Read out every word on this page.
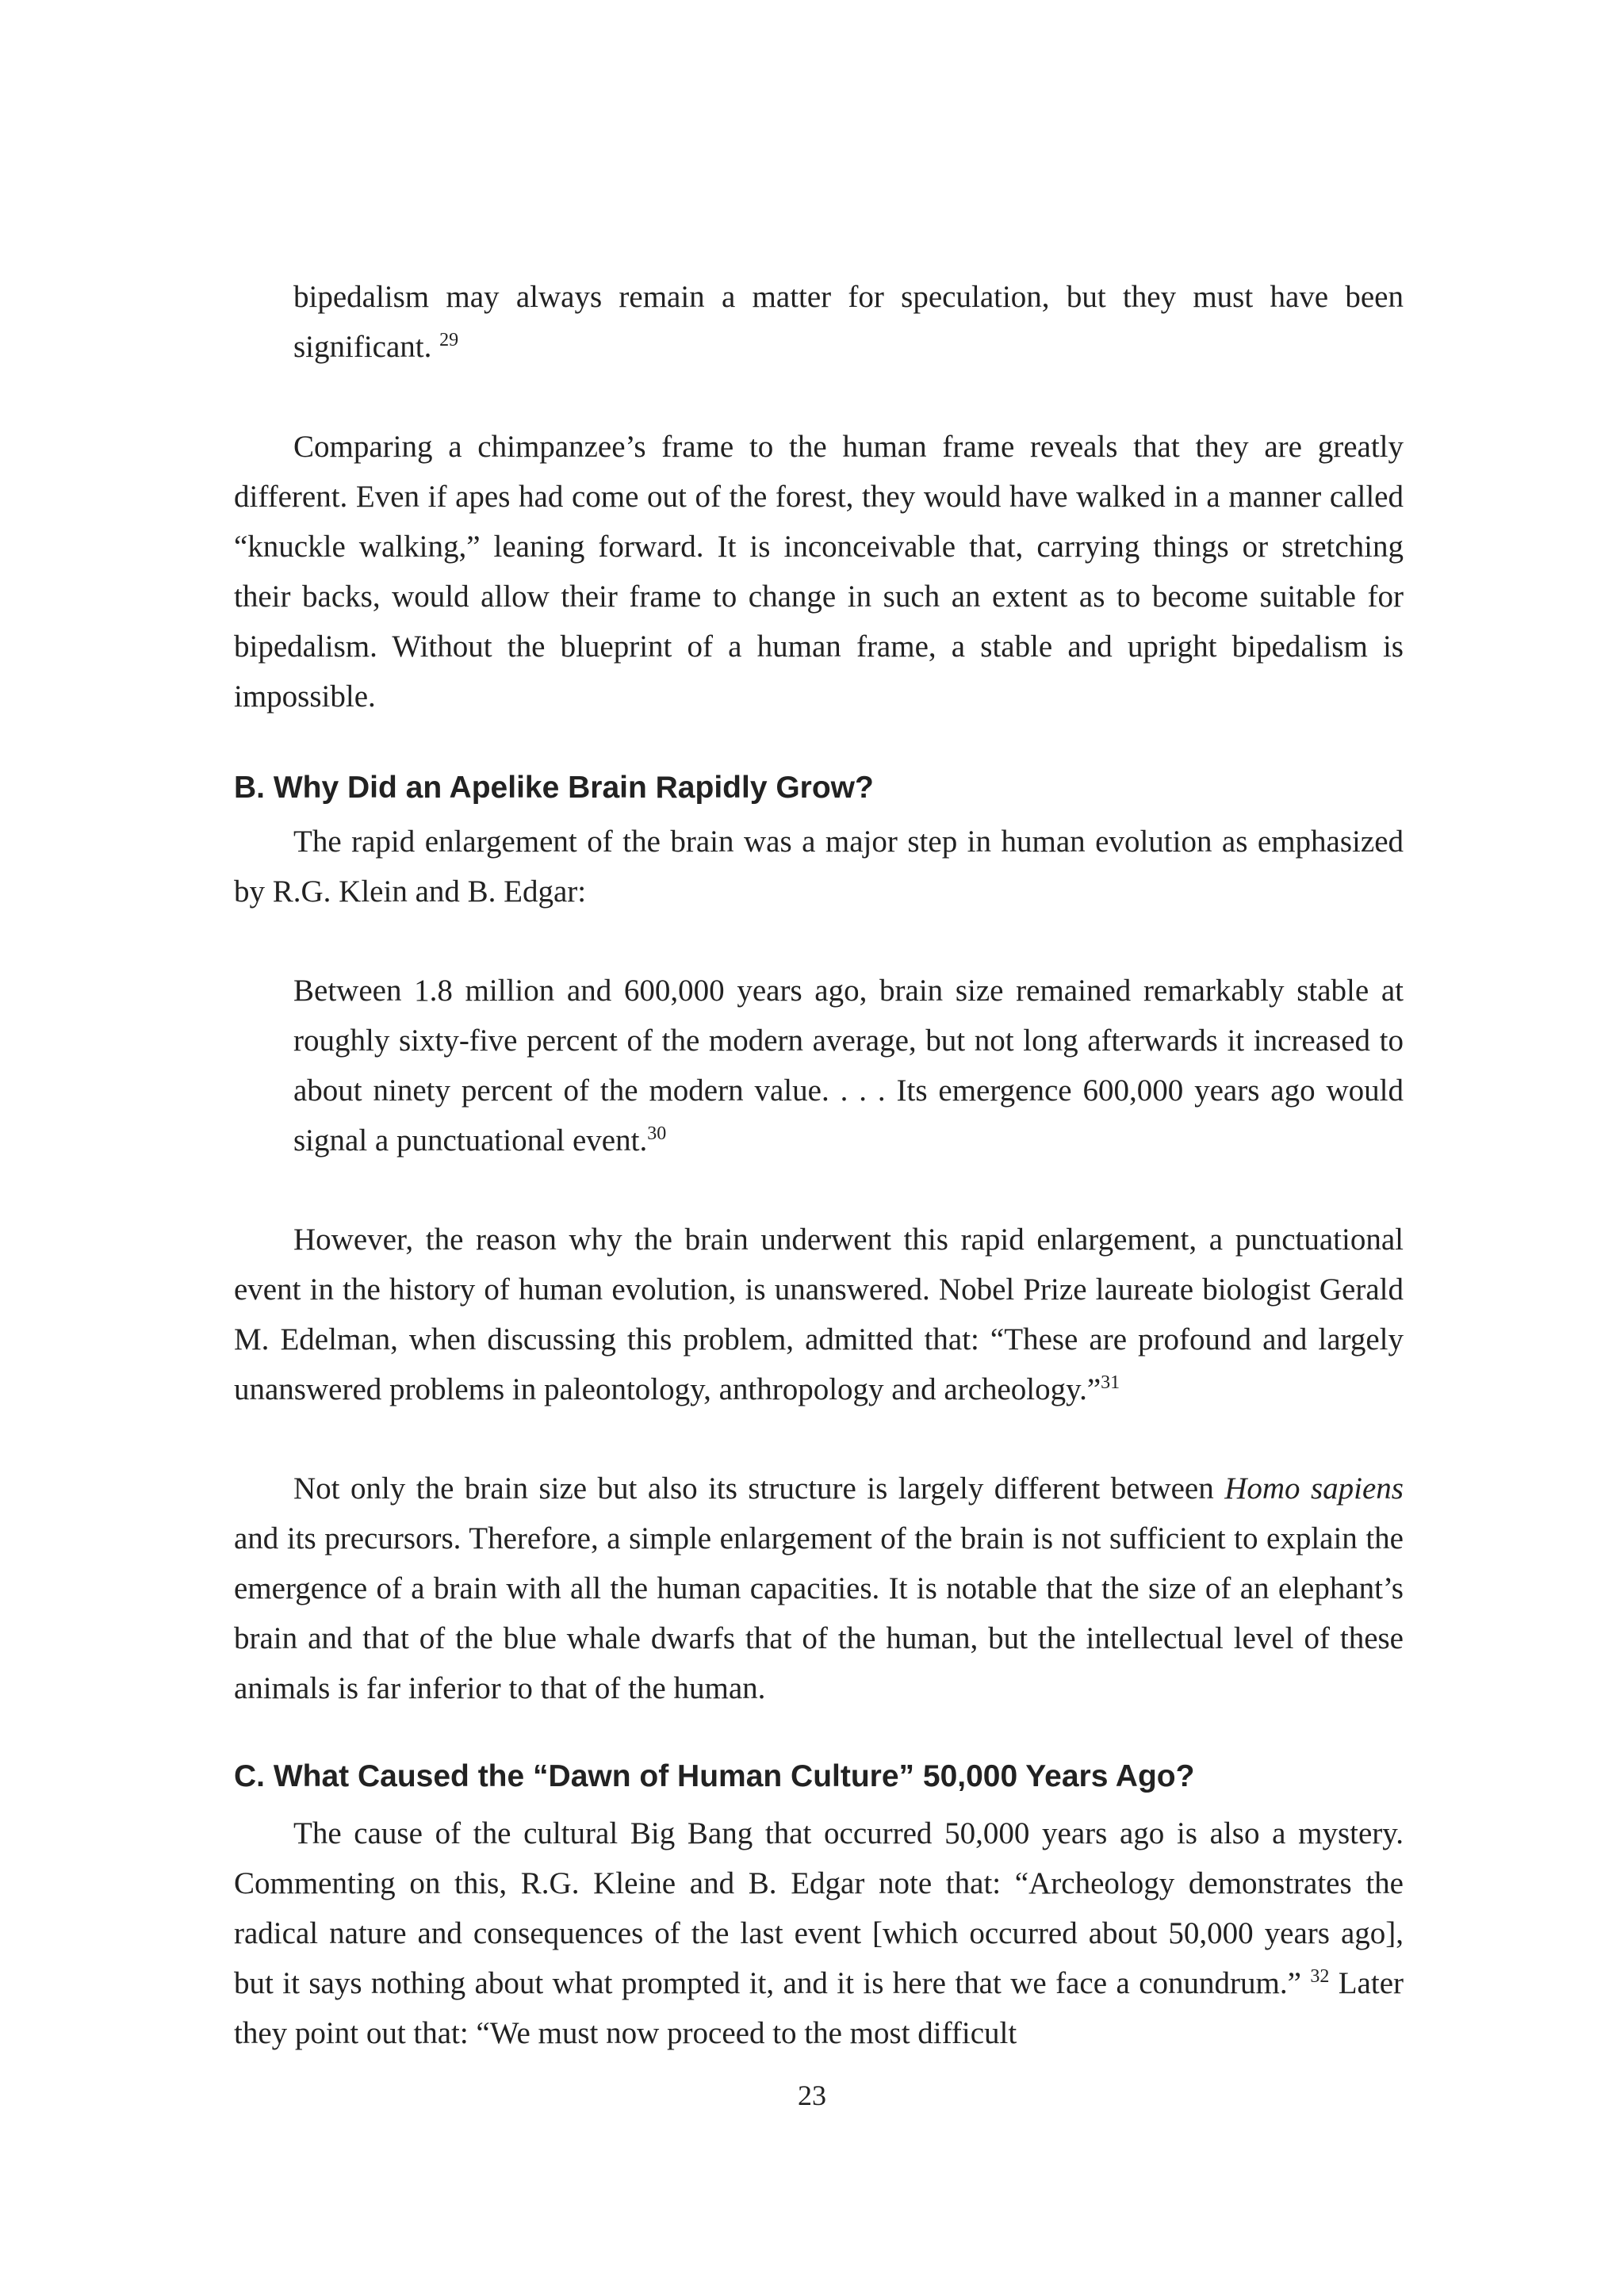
bipedalism may always remain a matter for speculation, but they must have been significant. $^{29}$

Comparing a chimpanzee’s frame to the human frame reveals that they are greatly different. Even if apes had come out of the forest, they would have walked in a manner called “knuckle walking,” leaning forward. It is inconceivable that, carrying things or stretching their backs, would allow their frame to change in such an extent as to become suitable for bipedalism. Without the blueprint of a human frame, a stable and upright bipedalism is impossible.

B. Why Did an Apelike Brain Rapidly Grow?

The rapid enlargement of the brain was a major step in human evolution as emphasized by R.G. Klein and B. Edgar:

Between 1.8 million and 600,000 years ago, brain size remained remarkably stable at roughly sixty-five percent of the modern average, but not long afterwards it increased to about ninety percent of the modern value. . . . Its emergence 600,000 years ago would signal a punctuational event.$^{30}$

However, the reason why the brain underwent this rapid enlargement, a punctuational event in the history of human evolution, is unanswered. Nobel Prize laureate biologist Gerald M. Edelman, when discussing this problem, admitted that: “These are profound and largely unanswered problems in paleontology, anthropology and archeology.”$^{31}$

Not only the brain size but also its structure is largely different between Homo sapiens and its precursors. Therefore, a simple enlargement of the brain is not sufficient to explain the emergence of a brain with all the human capacities. It is notable that the size of an elephant’s brain and that of the blue whale dwarfs that of the human, but the intellectual level of these animals is far inferior to that of the human.

C. What Caused the “Dawn of Human Culture” 50,000 Years Ago?

The cause of the cultural Big Bang that occurred 50,000 years ago is also a mystery. Commenting on this, R.G. Kleine and B. Edgar note that: “Archeology demonstrates the radical nature and consequences of the last event [which occurred about 50,000 years ago], but it says nothing about what prompted it, and it is here that we face a conundrum.” $^{32}$ Later they point out that: “We must now proceed to the most difficult

23
